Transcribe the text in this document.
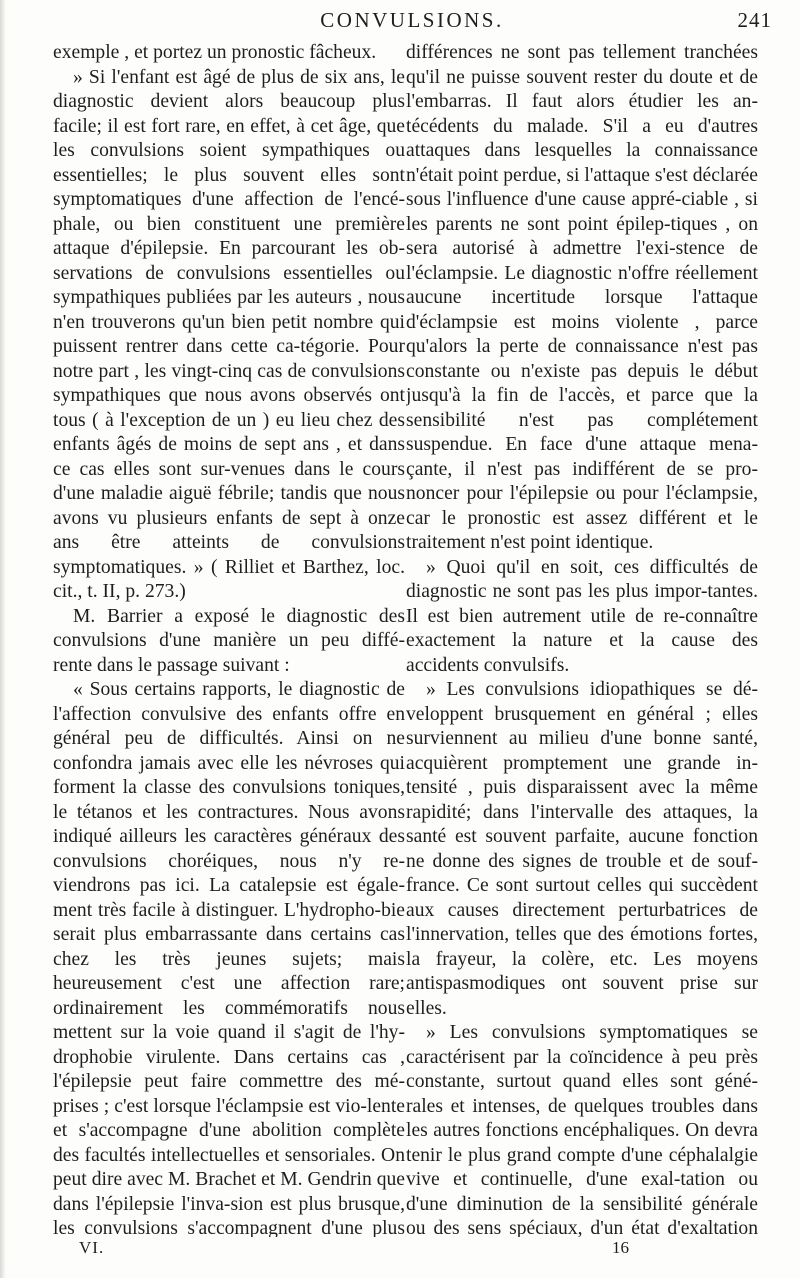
CONVULSIONS.	241

exemple , et portez un pronostic fâcheux.

» Si l'enfant est âgé de plus de six ans, le diagnostic devient alors beaucoup plus facile; il est fort rare, en effet, à cet âge, que les convulsions soient sympathiques ou essentielles; le plus souvent elles sont symptomatiques d'une affection de l'encé-phale, ou bien constituent une première attaque d'épilepsie. En parcourant les ob-servations de convulsions essentielles ou sympathiques publiées par les auteurs , nous n'en trouverons qu'un bien petit nombre qui puissent rentrer dans cette ca-tégorie. Pour notre part , les vingt-cinq cas de convulsions sympathiques que nous avons observés ont tous ( à l'exception de un ) eu lieu chez des enfants âgés de moins de sept ans , et dans ce cas elles sont sur-venues dans le cours d'une maladie aiguë fébrile; tandis que nous avons vu plusieurs enfants de sept à onze ans être atteints de convulsions symptomatiques. » ( Rilliet et Barthez, loc. cit., t. II, p. 273.)

M. Barrier a exposé le diagnostic des convulsions d'une manière un peu diffé-rente dans le passage suivant :

« Sous certains rapports, le diagnostic de l'affection convulsive des enfants offre en général peu de difficultés. Ainsi on ne confondra jamais avec elle les névroses qui forment la classe des convulsions toniques, le tétanos et les contractures. Nous avons indiqué ailleurs les caractères généraux des convulsions choréiques, nous n'y re-viendrons pas ici. La catalepsie est égale-ment très facile à distinguer. L'hydropho-bie serait plus embarrassante dans certains cas chez les très jeunes sujets; mais heureusement c'est une affection rare; ordinairement les commémoratifs nous mettent sur la voie quand il s'agit de l'hy-drophobie virulente. Dans certains cas , l'épilepsie peut faire commettre des mé-prises ; c'est lorsque l'éclampsie est vio-lente et s'accompagne d'une abolition complète des facultés intellectuelles et sensoriales. On peut dire avec M. Brachet et M. Gendrin que dans l'épilepsie l'inva-sion est plus brusque, les convulsions s'accompagnent d'une plus

différences ne sont pas tellement tranchées qu'il ne puisse souvent rester du doute et de l'embarras. Il faut alors étudier les an-técédents du malade. S'il a eu d'autres attaques dans lesquelles la connaissance n'était point perdue, si l'attaque s'est déclarée sous l'influence d'une cause appré-ciable , si les parents ne sont point épilep-tiques , on sera autorisé à admettre l'exi-stence de l'éclampsie. Le diagnostic n'offre réellement aucune incertitude lorsque l'attaque d'éclampsie est moins violente , parce qu'alors la perte de connaissance n'est pas constante ou n'existe pas depuis le début jusqu'à la fin de l'accès, et parce que la sensibilité n'est pas complétement suspendue. En face d'une attaque mena-çante, il n'est pas indifférent de se pro-noncer pour l'épilepsie ou pour l'éclampsie, car le pronostic est assez différent et le traitement n'est point identique.

» Quoi qu'il en soit, ces difficultés de diagnostic ne sont pas les plus impor-tantes. Il est bien autrement utile de re-connaître exactement la nature et la cause des accidents convulsifs.

» Les convulsions idiopathiques se dé-veloppent brusquement en général ; elles surviennent au milieu d'une bonne santé, acquièrent promptement une grande in-tensité , puis disparaissent avec la même rapidité; dans l'intervalle des attaques, la santé est souvent parfaite, aucune fonction ne donne des signes de trouble et de souf-france. Ce sont surtout celles qui succèdent aux causes directement perturbatrices de l'innervation, telles que des émotions fortes, la frayeur, la colère, etc. Les moyens antispasmodiques ont souvent prise sur elles.

» Les convulsions symptomatiques se caractérisent par la coïncidence à peu près constante, surtout quand elles sont géné-rales et intenses, de quelques troubles dans les autres fonctions encéphaliques. On devra tenir le plus grand compte d'une céphalalgie vive et continuelle, d'une exal-tation ou d'une diminution de la sensibilité générale ou des sens spéciaux, d'un état d'exaltation

VI.	16
